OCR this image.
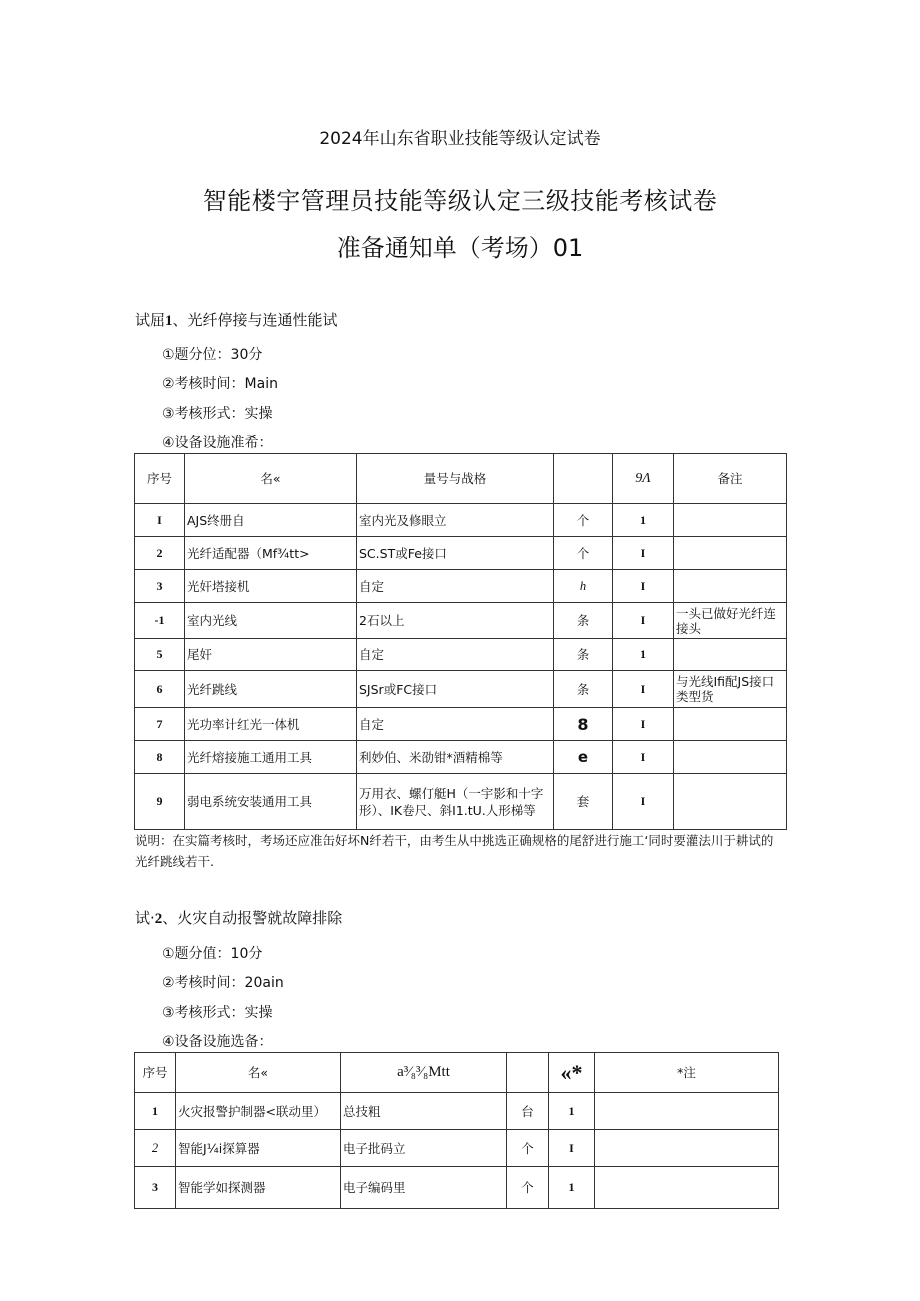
2024年山东省职业技能等级认定试卷
智能楼宇管理员技能等级认定三级技能考核试卷
准备通知单（考场）01
试屈1、光纤停接与连通性能试
①题分位：30分
②考核时间：Main
③考核形式：实操
④设备设施准希：
序号	名«	量号与战格		9Λ	备注
I	AJS终册自	室内光及修眼立	个	1	
2	光纤适配器（Mf¾tt>	SC.ST或Fe接口	个	I	
3	光奸塔接机	自定	h	I	
-1	室内光线	2石以上	条	I	一头已做好光纤连接头
5	尾奸	自定	条	1	
6	光纤跳线	SJSr或FC接口	条	I	与光线Ifi配JS接口类型货
7	光功率计红光一体机	自定	8	I	
8	光纤熔接施工通用工具	利妙伯、米劭钳*酒精棉等	e	I	
9	弱电系统安装通用工具	万用衣、螺仃艇H（一宇影和十字形）、IK卷尺、斜I1.tU.人形梯等	套	I	
说明：在实篇考核时，考场还应准缶好坏N纤若干，由考生从中挑选正确规格的尾舒进行施工‘同时要灌法川于耕试的光纤跳线若干.
试·2、火灾自动报警就故障排除
①题分值：10分
②考核时间：20ain
③考核形式：实操
④设备设施选备：
序号	名«	a³⁄₈³⁄₈Mtt		«*	*注
1	火灾报警护制器<联动里）	总技粗	台	1	
2	智能J¼i探算器	电子批码立	个	I	
3	智能学如探测器	电子编码里	个	1	
